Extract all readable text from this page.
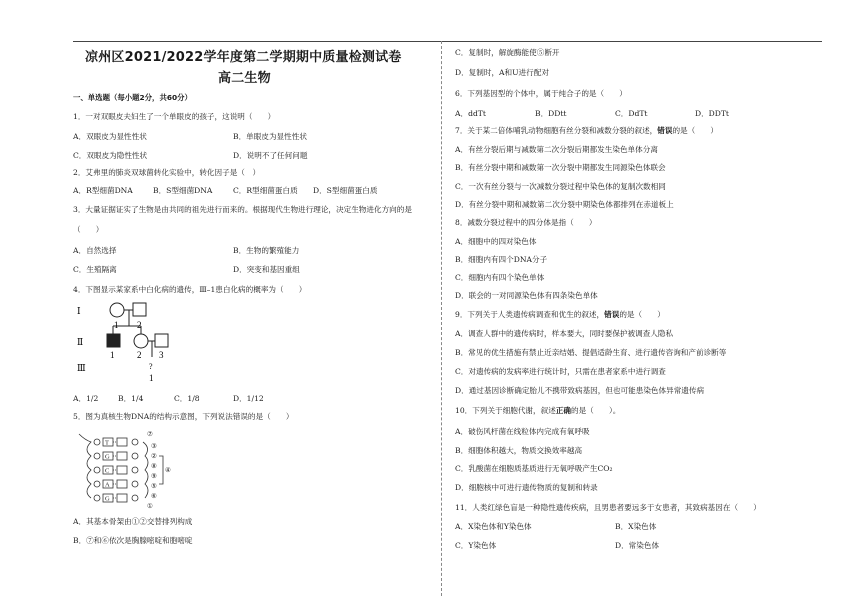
凉州区2021/2022学年度第二学期期中质量检测试卷
高二生物
一、单选题（每小题2分，共60分）
1．一对双眼皮夫妇生了一个单眼皮的孩子，这说明（　　）
A．双眼皮为显性性状	B．单眼皮为显性性状
C．双眼皮为隐性性状	D．说明不了任何问题
2．艾弗里的肺炎双球菌转化实验中，转化因子是（　）
A．R型细菌DNA	B．S型细菌DNA	C．R型细菌蛋白质 D．S型细菌蛋白质
3．大量证据证实了生物是由共同的祖先进行而来的。根据现代生物进行理论，决定生物进化方向的是
（　　）
A．自然选择	B．生物的繁殖能力
C．生殖隔离	D．突变和基因重组
4．下图显示某家系中白化病的遗传，Ⅲ–1患白化病的概率为（　　）
Ⅰ
Ⅱ
Ⅲ
1 2
1	2 3
?
1
A．1/2	B．1/4	C．1/8	D．1/12
5．图为真核生物DNA的结构示意图，下列说法错误的是（　　）
T
G
C
A
G
⑦
③
②
⑧
⑨
④
⑤
⑥
①
A．其基本骨架由①②交替排列构成
B．⑦和⑥依次是胸腺嘧啶和胞嘧啶
C．复制时，解旋酶能使⑤断开
D．复制时，A和U进行配对
6．下列基因型的个体中，属于纯合子的是（　　）
A．ddTt	B．DDtt	C．DdTt	D．DDTt
7．关于某二倍体哺乳动物细胞有丝分裂和减数分裂的叙述，错误的是（　　）
A．有丝分裂后期与减数第二次分裂后期都发生染色单体分离
B．有丝分裂中期和减数第一次分裂中期都发生同源染色体联会
C．一次有丝分裂与一次减数分裂过程中染色体的复制次数相同
D．有丝分裂中期和减数第二次分裂中期染色体都排列在赤道板上
8．减数分裂过程中的四分体是指（　　）
A．细胞中的四对染色体
B．细胞内有四个DNA分子
C．细胞内有四个染色单体
D．联会的一对同源染色体有四条染色单体
9．下列关于人类遗传病调查和优生的叙述，错误的是（　　）
A．调查人群中的遗传病时，样本要大，同时要保护被调查人隐私
B．常见的优生措施有禁止近亲结婚、提倡适龄生育、进行遗传咨询和产前诊断等
C．对遗传病的发病率进行统计时，只需在患者家系中进行调查
D．通过基因诊断确定胎儿不携带致病基因，但也可能患染色体异常遗传病
10．下列关于细胞代谢，叙述正确的是（　　）。
A．破伤风杆菌在线粒体内完成有氧呼吸
B．细胞体积越大，物质交换效率越高
C．乳酸菌在细胞质基质进行无氧呼吸产生CO₂
D．细胞核中可进行遗传物质的复制和转录
11．人类红绿色盲是一种隐性遗传疾病，且男患者要远多于女患者，其致病基因在（　　）
A．X染色体和Y染色体	B．X染色体
C．Y染色体	D．常染色体
